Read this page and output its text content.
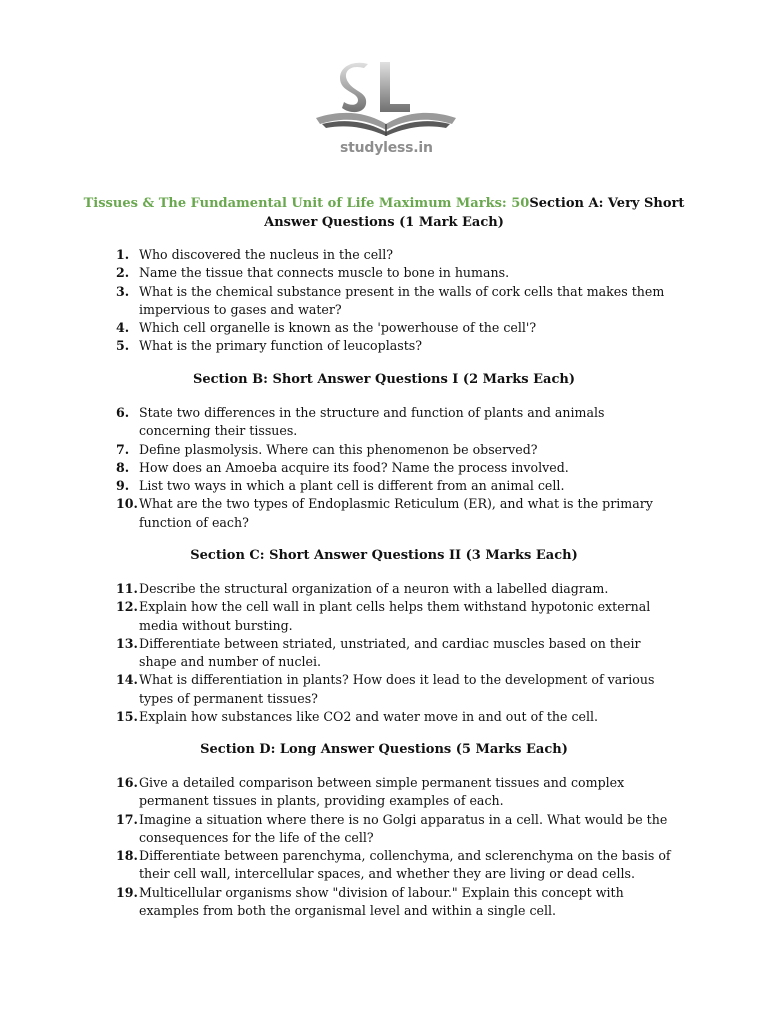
studyless.in
Tissues & The Fundamental Unit of Life Maximum Marks: 50Section A: Very Short Answer Questions (1 Mark Each)
1. Who discovered the nucleus in the cell?
2. Name the tissue that connects muscle to bone in humans.
3. What is the chemical substance present in the walls of cork cells that makes them impervious to gases and water?
4. Which cell organelle is known as the 'powerhouse of the cell'?
5. What is the primary function of leucoplasts?
Section B: Short Answer Questions I (2 Marks Each)
6. State two differences in the structure and function of plants and animals concerning their tissues.
7. Define plasmolysis. Where can this phenomenon be observed?
8. How does an Amoeba acquire its food? Name the process involved.
9. List two ways in which a plant cell is different from an animal cell.
10. What are the two types of Endoplasmic Reticulum (ER), and what is the primary function of each?
Section C: Short Answer Questions II (3 Marks Each)
11. Describe the structural organization of a neuron with a labelled diagram.
12. Explain how the cell wall in plant cells helps them withstand hypotonic external media without bursting.
13. Differentiate between striated, unstriated, and cardiac muscles based on their shape and number of nuclei.
14. What is differentiation in plants? How does it lead to the development of various types of permanent tissues?
15. Explain how substances like CO2 and water move in and out of the cell.
Section D: Long Answer Questions (5 Marks Each)
16. Give a detailed comparison between simple permanent tissues and complex permanent tissues in plants, providing examples of each.
17. Imagine a situation where there is no Golgi apparatus in a cell. What would be the consequences for the life of the cell?
18. Differentiate between parenchyma, collenchyma, and sclerenchyma on the basis of their cell wall, intercellular spaces, and whether they are living or dead cells.
19. Multicellular organisms show "division of labour." Explain this concept with examples from both the organismal level and within a single cell.
